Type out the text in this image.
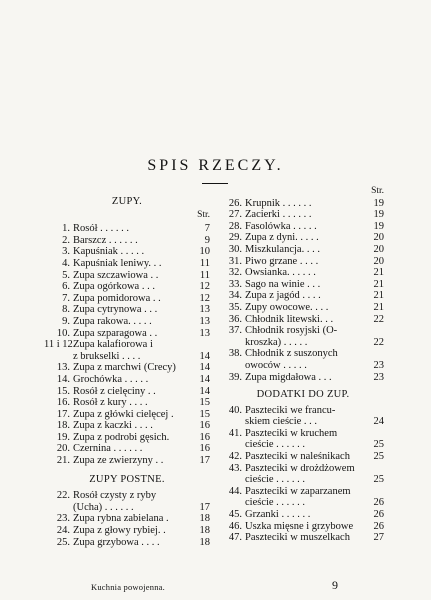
SPIS RZECZY.
ZUPY.
Str.
1. Rosół . . . . . .	7
2. Barszcz . . . . . .	9
3. Kapuśniak . . . . .	10
4. Kapuśniak leniwy. . .	11
5. Zupa szczawiowa . .	11
6. Zupa ogórkowa . . .	12
7. Zupa pomidorowa . .	12
8. Zupa cytrynowa . . .	13
9. Zupa rakowa. . . . .	13
10. Zupa szparagowa . .	13
11 i 12.
Zupa kalafiorowa i
z brukselki . . . .	14
13. Zupa z marchwi (Crecy)	14
14. Grochówka . . . . .	14
15. Rosół z cielęciny . .	14
16. Rosół z kury . . . .	15
17. Zupa z główki cielęcej .	15
18. Zupa z kaczki . . . .	16
19. Zupa z podrobi gęsich.	16
20. Czernina . . . . . .	16
21. Zupa ze zwierzyny . .	17
ZUPY POSTNE.
22. Rosół czysty z ryby
(Ucha) . . . . . .	17
23. Zupa rybna zabielana .	18
24. Zupa z głowy rybiej. .	18
25. Zupa grzybowa . . . .	18
Str.
26. Krupnik . . . . . .	19
27. Zacierki . . . . . .	19
28. Fasolówka . . . . .	19
29. Zupa z dyni. . . . .	20
30. Miszkulancja. . . .	20
31. Piwo grzane . . . .	20
32. Owsianka. . . . . .	21
33. Sago na winie . . .	21
34. Zupa z jagód . . . .	21
35. Zupy owocowe. . . .	21
36. Chłodnik litewski. . .	22
37. Chłodnik rosyjski (O-
kroszka) . . . . .	22
38. Chłodnik z suszonych
owoców . . . . .	23
39. Zupa migdałowa . . .	23
DODATKI DO ZUP.
40. Paszteciki we francu-
skiem cieście . . .	24
41. Paszteciki w kruchem
cieście . . . . . .	25
42. Paszteciki w naleśnikach	25
43. Paszteciki w drożdżowem
cieście . . . . . .	25
44. Paszteciki w zaparzanem
cieście . . . . . .	26
45. Grzanki . . . . . .	26
46. Uszka mięsne i grzybowe	26
47. Paszteciki w muszelkach	27
Kuchnia powojenna.	9
